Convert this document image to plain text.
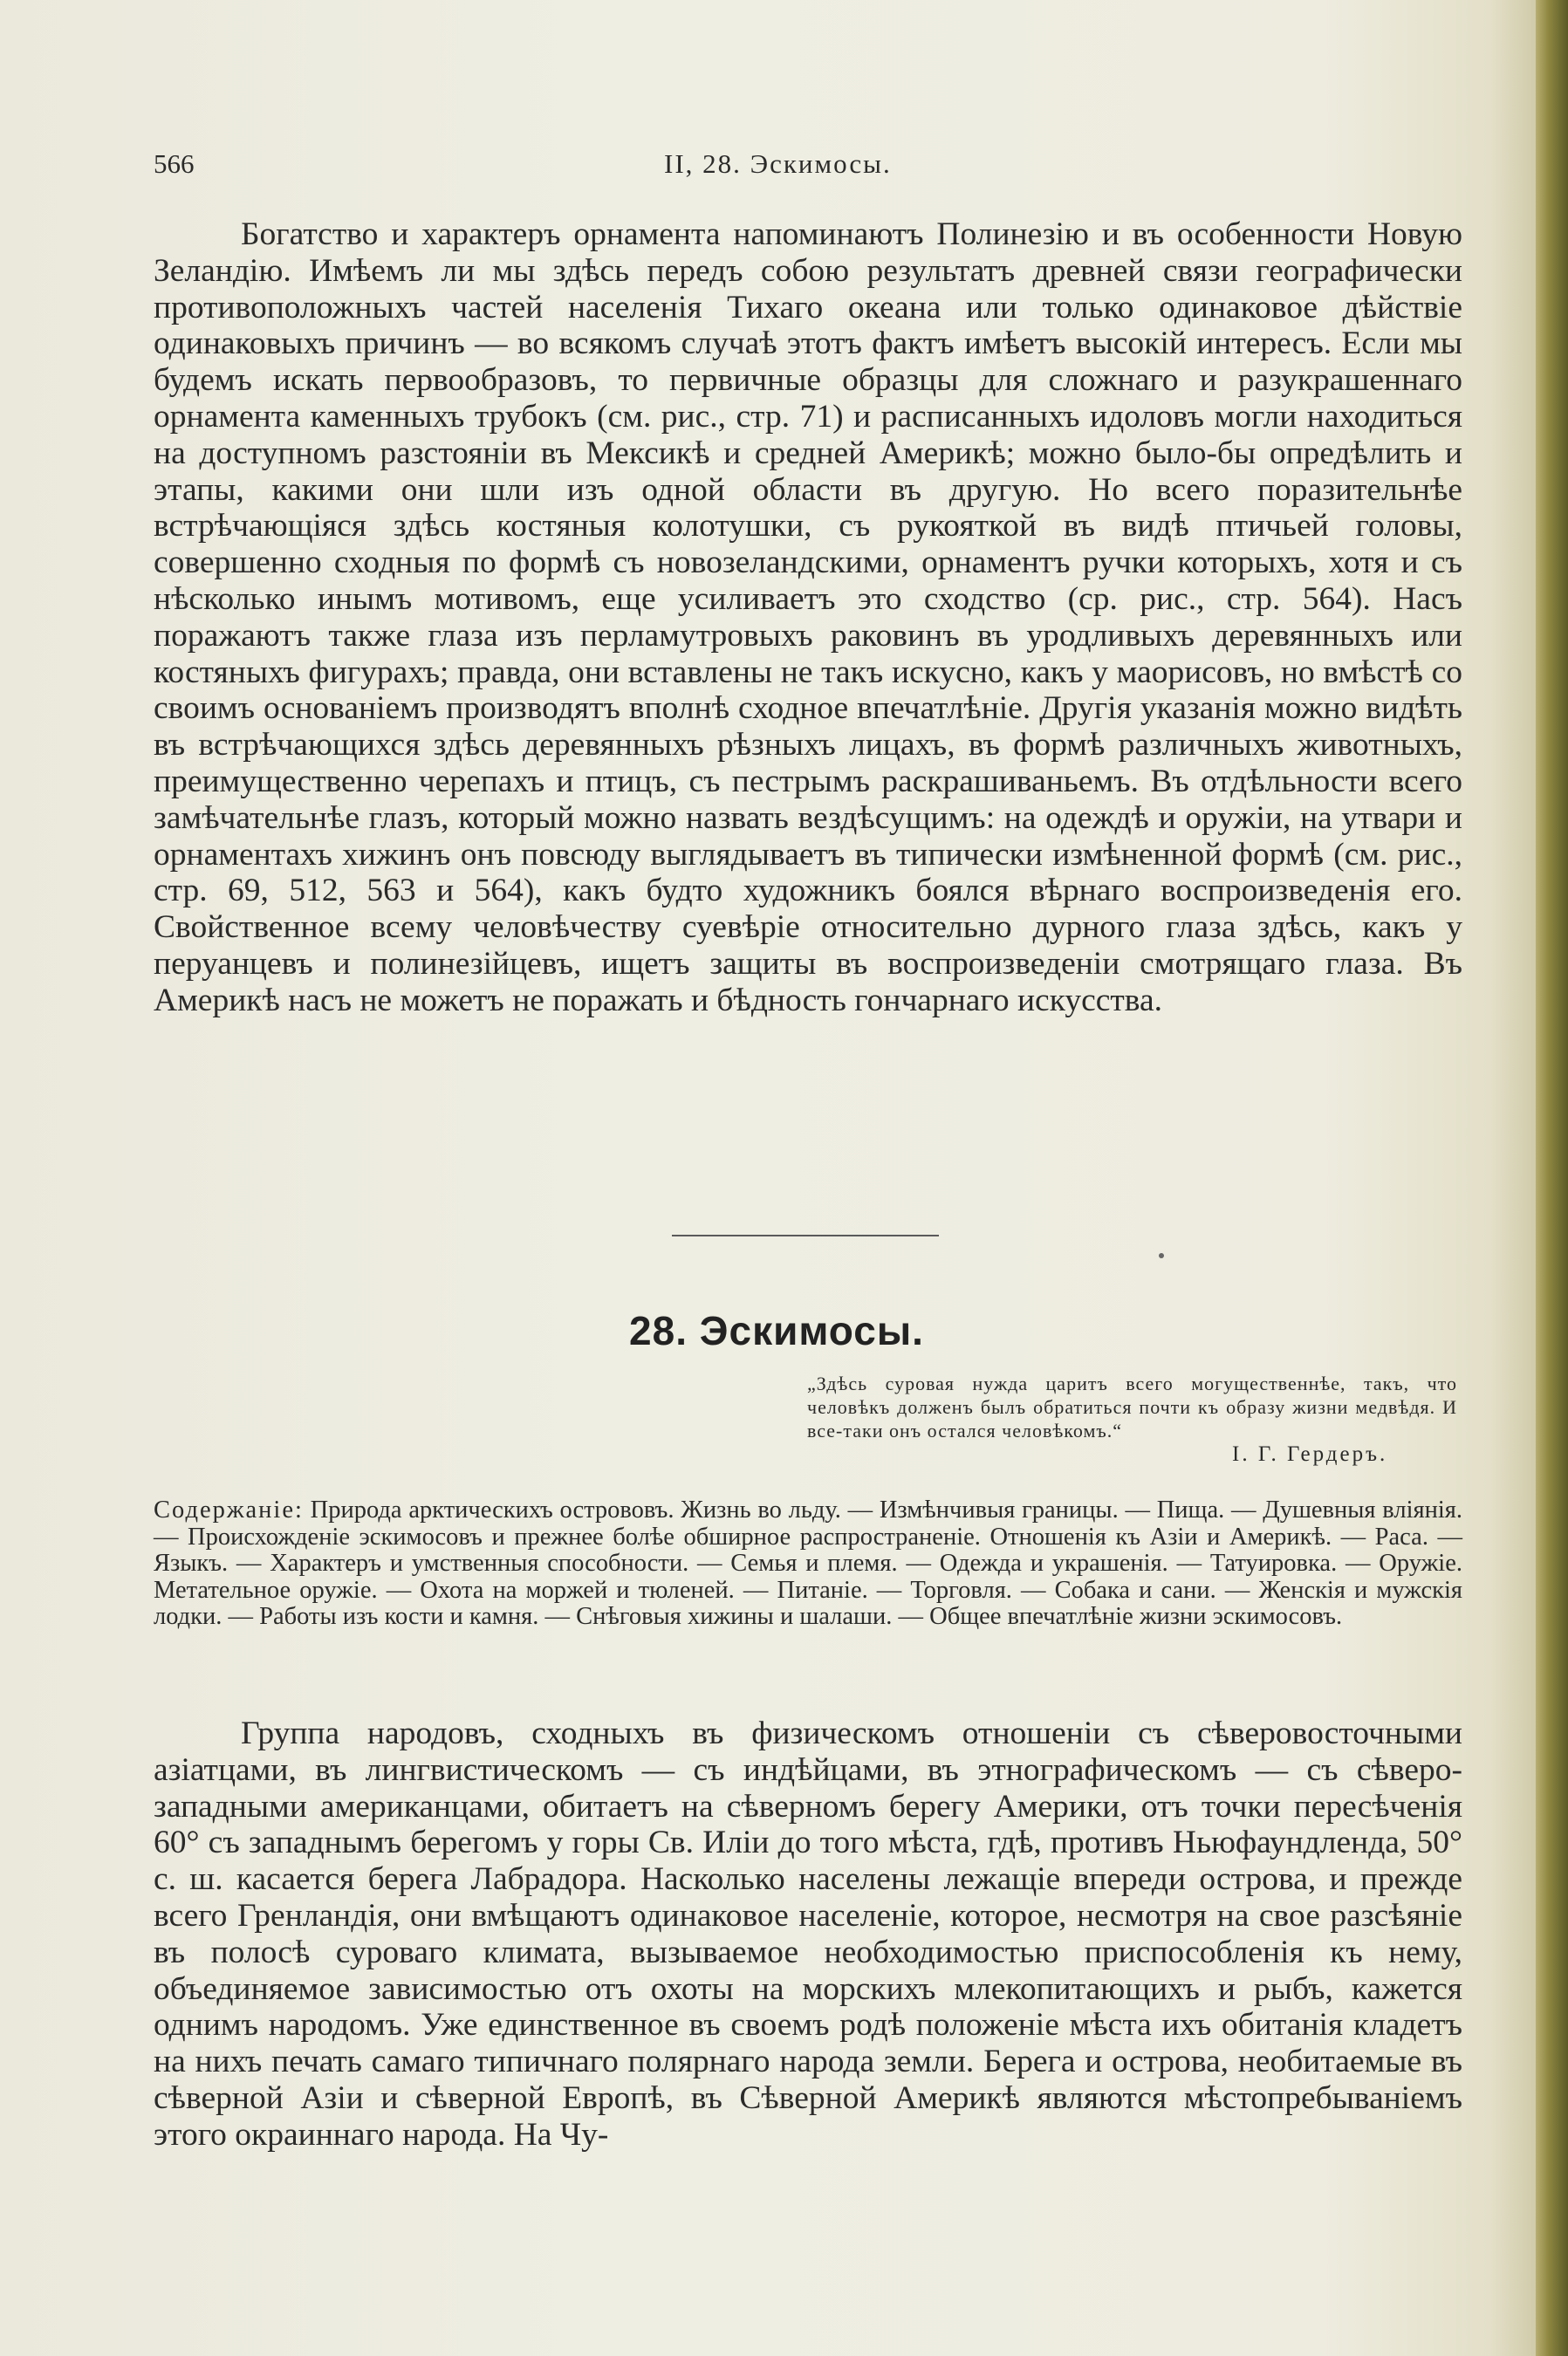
566	II, 28. Эскимосы.

Богатство и характеръ орнамента напоминаютъ Полинезію и въ особенности Новую Зеландію. Имѣемъ ли мы здѣсь передъ собою результатъ древней связи географически противоположныхъ частей населенія Тихаго океана или только одинаковое дѣйствіе одинаковыхъ причинъ — во всякомъ случаѣ этотъ фактъ имѣетъ высокій интересъ. Если мы будемъ искать первообразовъ, то первичные образцы для сложнаго и разукрашеннаго орнамента каменныхъ трубокъ (см. рис., стр. 71) и расписанныхъ идоловъ могли находиться на доступномъ разстояніи въ Мексикѣ и средней Америкѣ; можно было-бы опредѣлить и этапы, какими они шли изъ одной области въ другую. Но всего поразительнѣе встрѣчающіяся здѣсь костяныя колотушки, съ рукояткой въ видѣ птичьей головы, совершенно сходныя по формѣ съ новозеландскими, орнаментъ ручки которыхъ, хотя и съ нѣсколько инымъ мотивомъ, еще усиливаетъ это сходство (ср. рис., стр. 564). Насъ поражаютъ также глаза изъ перламутровыхъ раковинъ въ уродливыхъ деревянныхъ или костяныхъ фигурахъ; правда, они вставлены не такъ искусно, какъ у маорисовъ, но вмѣстѣ со своимъ основаніемъ производятъ вполнѣ сходное впечатлѣніе. Другія указанія можно видѣть въ встрѣчающихся здѣсь деревянныхъ рѣзныхъ лицахъ, въ формѣ различныхъ животныхъ, преимущественно черепахъ и птицъ, съ пестрымъ раскрашиваньемъ. Въ отдѣльности всего замѣчательнѣе глазъ, который можно назвать вездѣсущимъ: на одеждѣ и оружіи, на утвари и орнаментахъ хижинъ онъ повсюду выглядываетъ въ типически измѣненной формѣ (см. рис., стр. 69, 512, 563 и 564), какъ будто художникъ боялся вѣрнаго воспроизведенія его. Свойственное всему человѣчеству суевѣріе относительно дурного глаза здѣсь, какъ у перуанцевъ и полинезійцевъ, ищетъ защиты въ воспроизведеніи смотрящаго глаза. Въ Америкѣ насъ не можетъ не поражать и бѣдность гончарнаго искусства.

28. Эскимосы.

„Здѣсь суровая нужда царитъ всего могущественнѣе, такъ, что человѣкъ долженъ былъ обратиться почти къ образу жизни медвѣдя. И все-таки онъ остался человѣкомъ.“

I. Г. Гердеръ.

Содержаніе: Природа арктическихъ острововъ. Жизнь во льду. — Измѣнчивыя границы. — Пища. — Душевныя вліянія. — Происхожденіе эскимосовъ и прежнее болѣе обширное распространеніе. Отношенія къ Азіи и Америкѣ. — Раса. — Языкъ. — Характеръ и умственныя способности. — Семья и племя. — Одежда и украшенія. — Татуировка. — Оружіе. Метательное оружіе. — Охота на моржей и тюленей. — Питаніе. — Торговля. — Собака и сани. — Женскія и мужскія лодки. — Работы изъ кости и камня. — Снѣговыя хижины и шалаши. — Общее впечатлѣніе жизни эскимосовъ.

Группа народовъ, сходныхъ въ физическомъ отношеніи съ сѣверовосточными азіатцами, въ лингвистическомъ — съ индѣйцами, въ этнографическомъ — съ сѣверо-западными американцами, обитаетъ на сѣверномъ берегу Америки, отъ точки пересѣченія 60° съ западнымъ берегомъ у горы Св. Иліи до того мѣста, гдѣ, противъ Ньюфаундленда, 50° с. ш. касается берега Лабрадора. Насколько населены лежащіе впереди острова, и прежде всего Гренландія, они вмѣщаютъ одинаковое населеніе, которое, несмотря на свое разсѣяніе въ полосѣ суроваго климата, вызываемое необходимостью приспособленія къ нему, объединяемое зависимостью отъ охоты на морскихъ млекопитающихъ и рыбъ, кажется однимъ народомъ. Уже единственное въ своемъ родѣ положеніе мѣста ихъ обитанія кладетъ на нихъ печать самаго типичнаго полярнаго народа земли. Берега и острова, необитаемые въ сѣверной Азіи и сѣверной Европѣ, въ Сѣверной Америкѣ являются мѣстопребываніемъ этого окраиннаго народа. На Чу-
